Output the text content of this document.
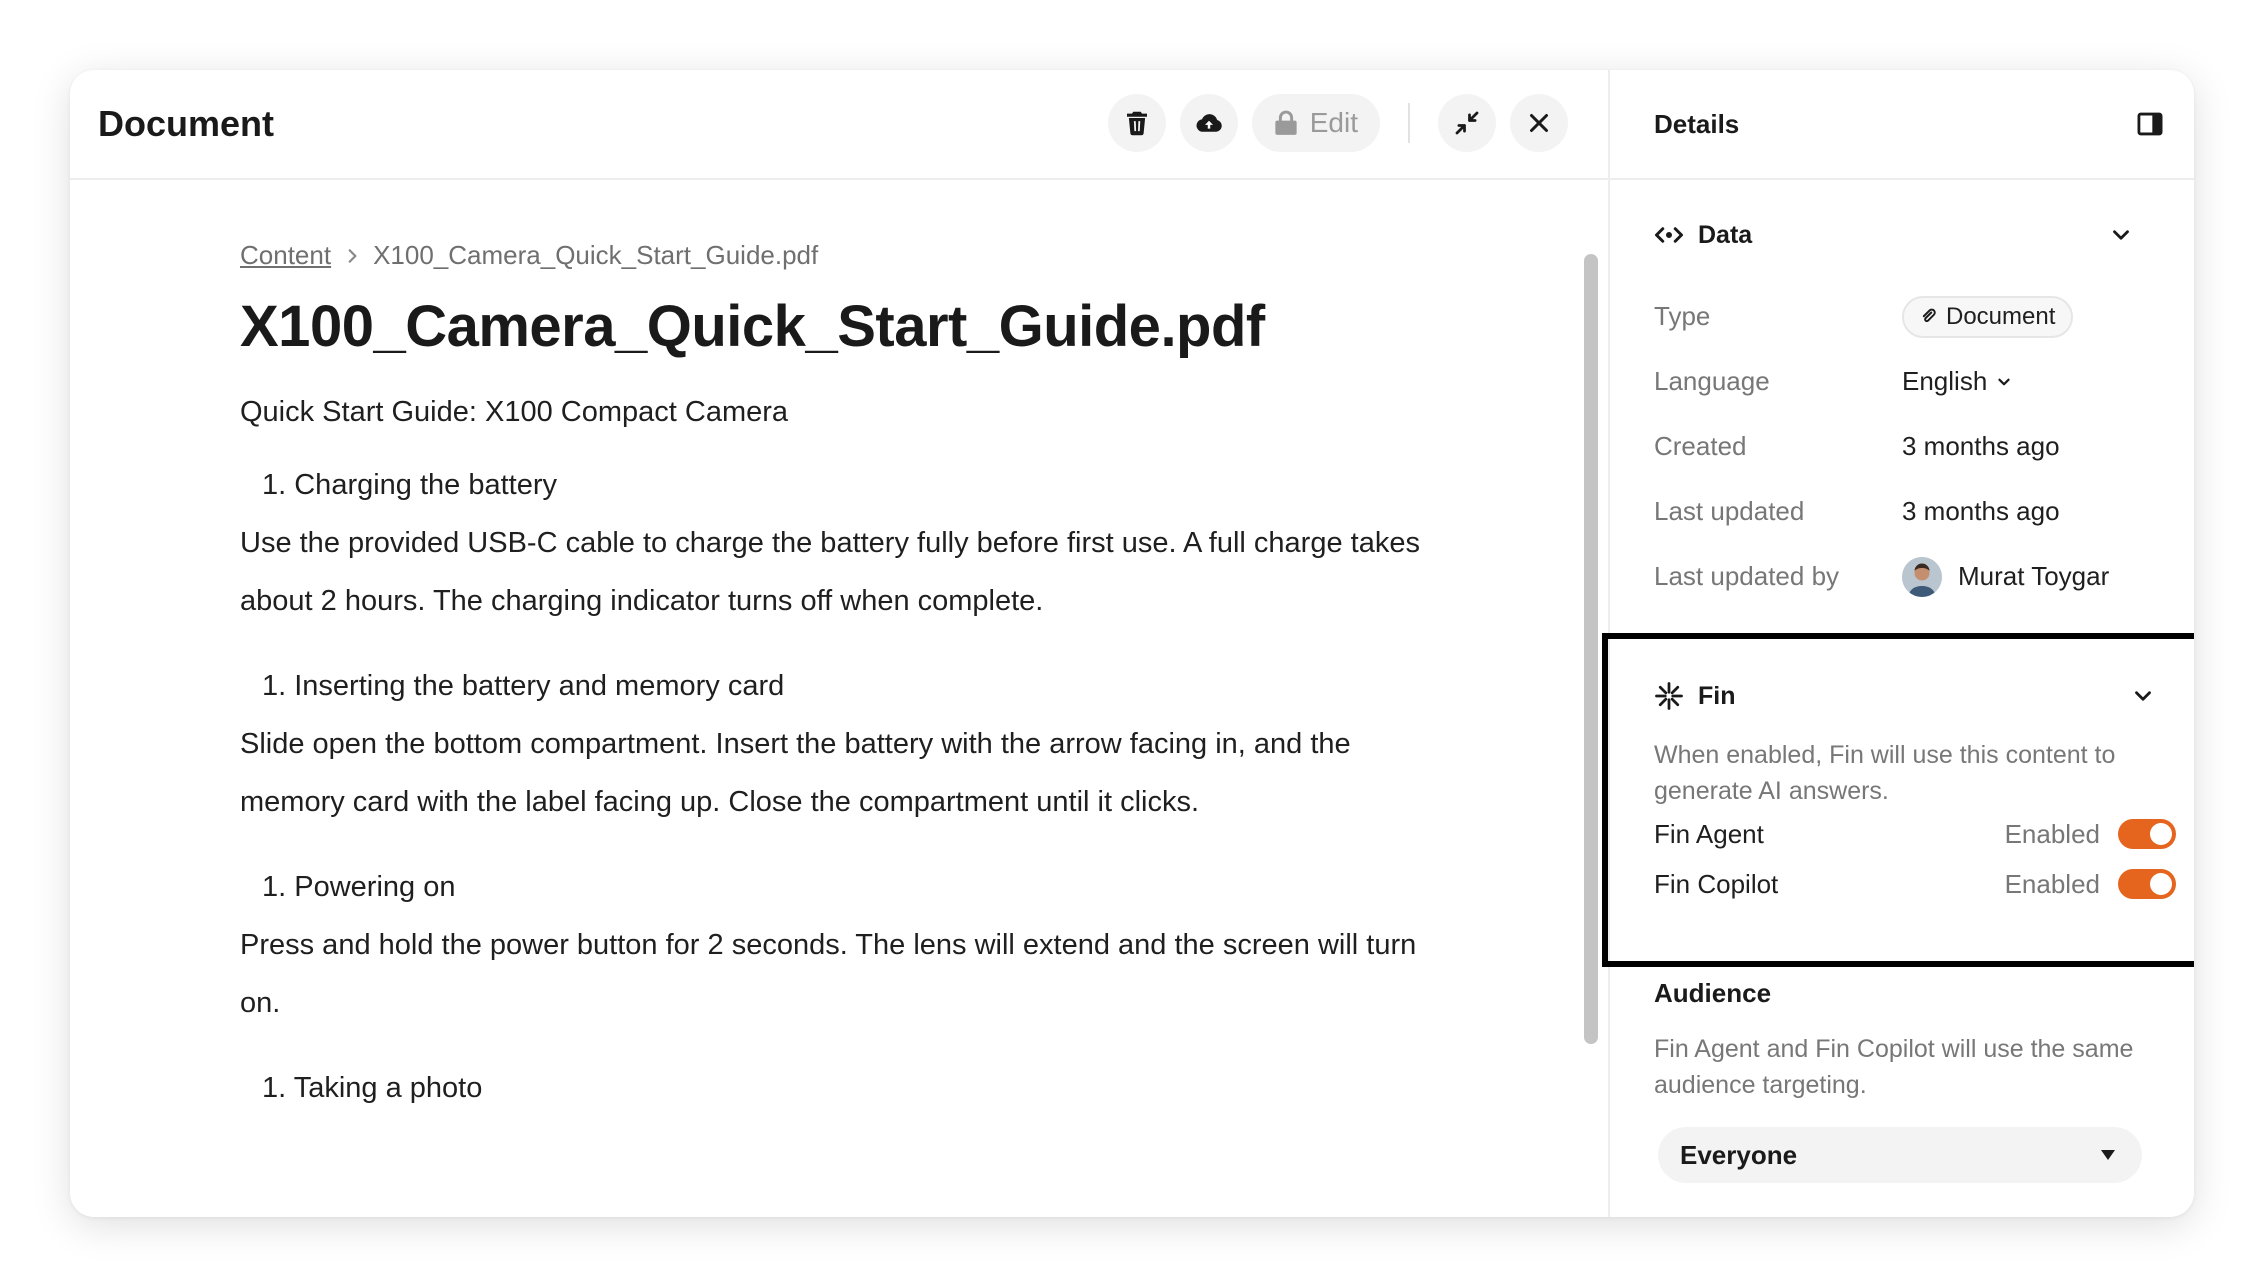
Document	Edit
Content X100_Camera_Quick_Start_Guide.pdf
X100_Camera_Quick_Start_Guide.pdf

Quick Start Guide: X100 Compact Camera

1. Charging the battery

Use the provided USB-C cable to charge the battery fully before first use. A full charge takes about 2 hours. The charging indicator turns off when complete.

1. Inserting the battery and memory card

Slide open the bottom compartment. Insert the battery with the arrow facing in, and the memory card with the label facing up. Close the compartment until it clicks.

1. Powering on

Press and hold the power button for 2 seconds. The lens will extend and the screen will turn on.

1. Taking a photo
Details
Data
Type	Document
Language	English
Created	3 months ago
Last updated	3 months ago
Last updated by	Murat Toygar
Fin

When enabled, Fin will use this content to generate AI answers.

Fin Agent	Enabled
Fin Copilot	Enabled
Audience

Fin Agent and Fin Copilot will use the same audience targeting.

Everyone
